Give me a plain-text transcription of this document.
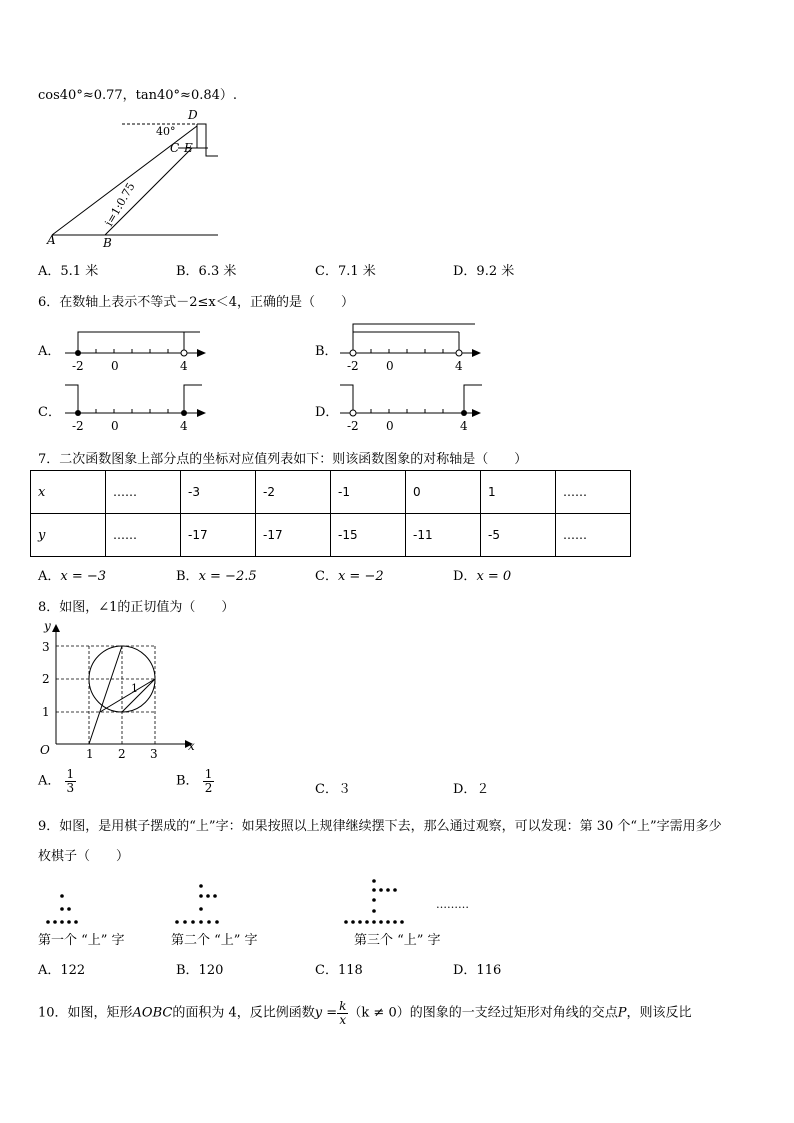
cos40°≈0.77，tan40°≈0.84）.
40°
D
C E
A	B
i=1:0.75
A．5.1 米	B．6.3 米	C．7.1 米	D．9.2 米
6．在数轴上表示不等式－2≤x＜4，正确的是（　　）
A．
-2 0	4
B．
-2 0	4
C．
-2 0	4
D．
-2 0	4
7．二次函数图象上部分点的坐标对应值列表如下：则该函数图象的对称轴是（　　）
x	……	-3	-2	-1	0	1	……
y	……	-17	-17	-15	-11	-5	……
A．x = −3	B．x = −2.5	C．x = −2	D．x = 0
8．如图，∠1的正切值为（　　）
1
y
x
O	1 2 3
1
2
3
A． $\frac{1}{3}$	B． $\frac{1}{2}$	C．３	D．２
9．如图，是用棋子摆成的“上”字：如果按照以上规律继续摆下去，那么通过观察，可以发现：第 30 个“上”字需用多少
枚棋子（　　）
………
第一个 “上” 字	第二个 “上” 字	第三个 “上” 字
A．122	B．120	C．118	D．116
10．如图，矩形AOBC的面积为 4，反比例函数$y = \frac{k}{x} (k \ne 0)$的图象的一支经过矩形对角线的交点P，则该反比
